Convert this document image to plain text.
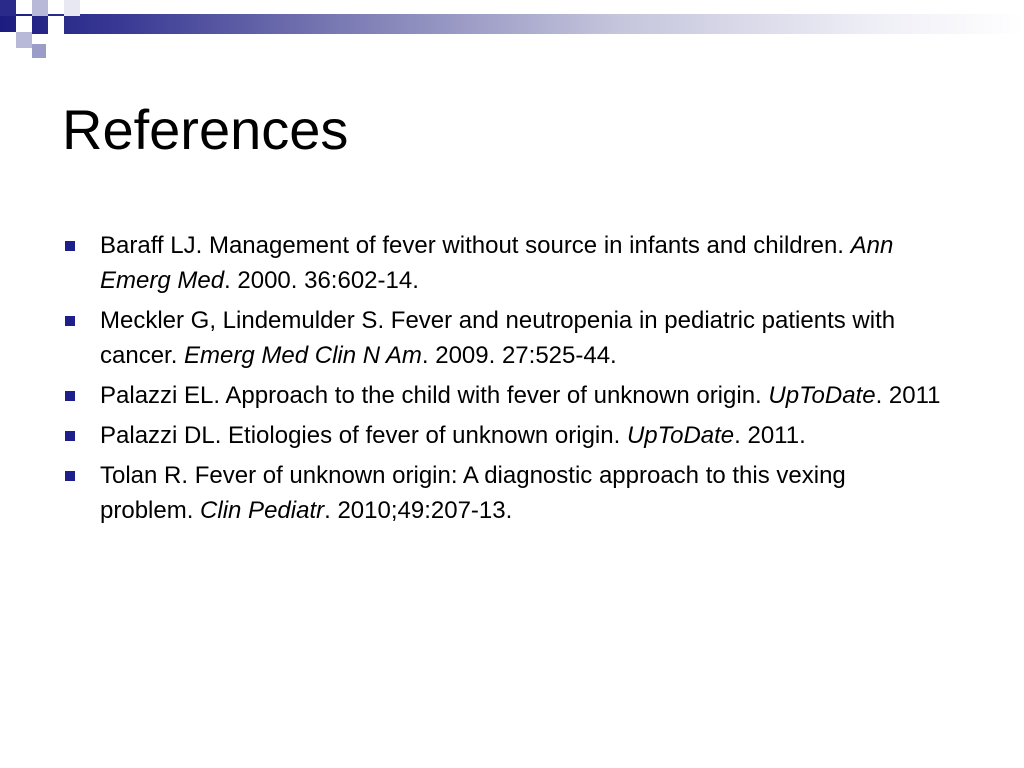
References
Baraff LJ. Management of fever without source in infants and children. Ann Emerg Med. 2000. 36:602-14.
Meckler G, Lindemulder S. Fever and neutropenia in pediatric patients with cancer. Emerg Med Clin N Am. 2009. 27:525-44.
Palazzi EL. Approach to the child with fever of unknown origin. UpToDate. 2011
Palazzi DL. Etiologies of fever of unknown origin. UpToDate. 2011.
Tolan R. Fever of unknown origin: A diagnostic approach to this vexing problem. Clin Pediatr. 2010;49:207-13.
